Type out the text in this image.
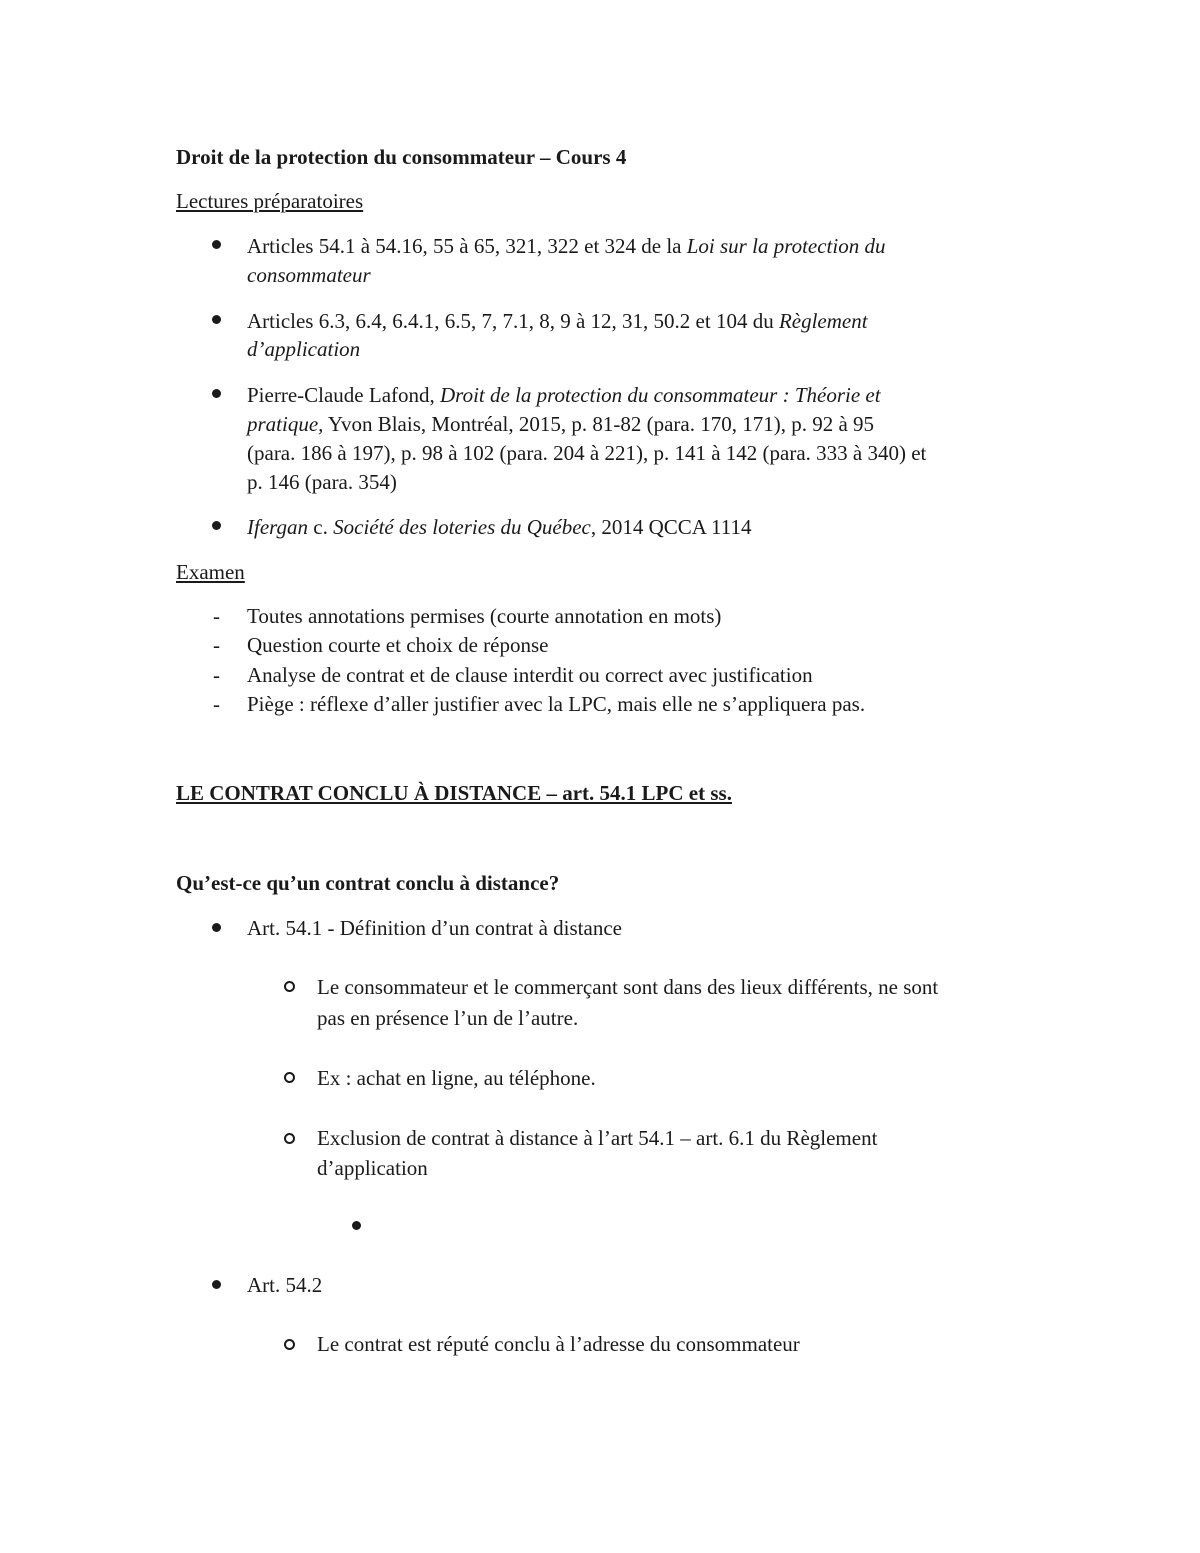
Droit de la protection du consommateur – Cours 4
Lectures préparatoires
Articles 54.1 à 54.16, 55 à 65, 321, 322 et 324 de la Loi sur la protection du
consommateur
Articles 6.3, 6.4, 6.4.1, 6.5, 7, 7.1, 8, 9 à 12, 31, 50.2 et 104 du Règlement
d’application
Pierre-Claude Lafond, Droit de la protection du consommateur : Théorie et
pratique, Yvon Blais, Montréal, 2015, p. 81-82 (para. 170, 171), p. 92 à 95
(para. 186 à 197), p. 98 à 102 (para. 204 à 221), p. 141 à 142 (para. 333 à 340) et
p. 146 (para. 354)
Ifergan c. Société des loteries du Québec, 2014 QCCA 1114
Examen
- Toutes annotations permises (courte annotation en mots)
- Question courte et choix de réponse
- Analyse de contrat et de clause interdit ou correct avec justification
- Piège : réflexe d’aller justifier avec la LPC, mais elle ne s’appliquera pas.
LE CONTRAT CONCLU À DISTANCE – art. 54.1 LPC et ss.
Qu’est-ce qu’un contrat conclu à distance?
Art. 54.1 - Définition d’un contrat à distance
Le consommateur et le commerçant sont dans des lieux différents, ne sont
pas en présence l’un de l’autre.
Ex : achat en ligne, au téléphone.
Exclusion de contrat à distance à l’art 54.1 – art. 6.1 du Règlement
d’application
Art. 54.2
Le contrat est réputé conclu à l’adresse du consommateur
